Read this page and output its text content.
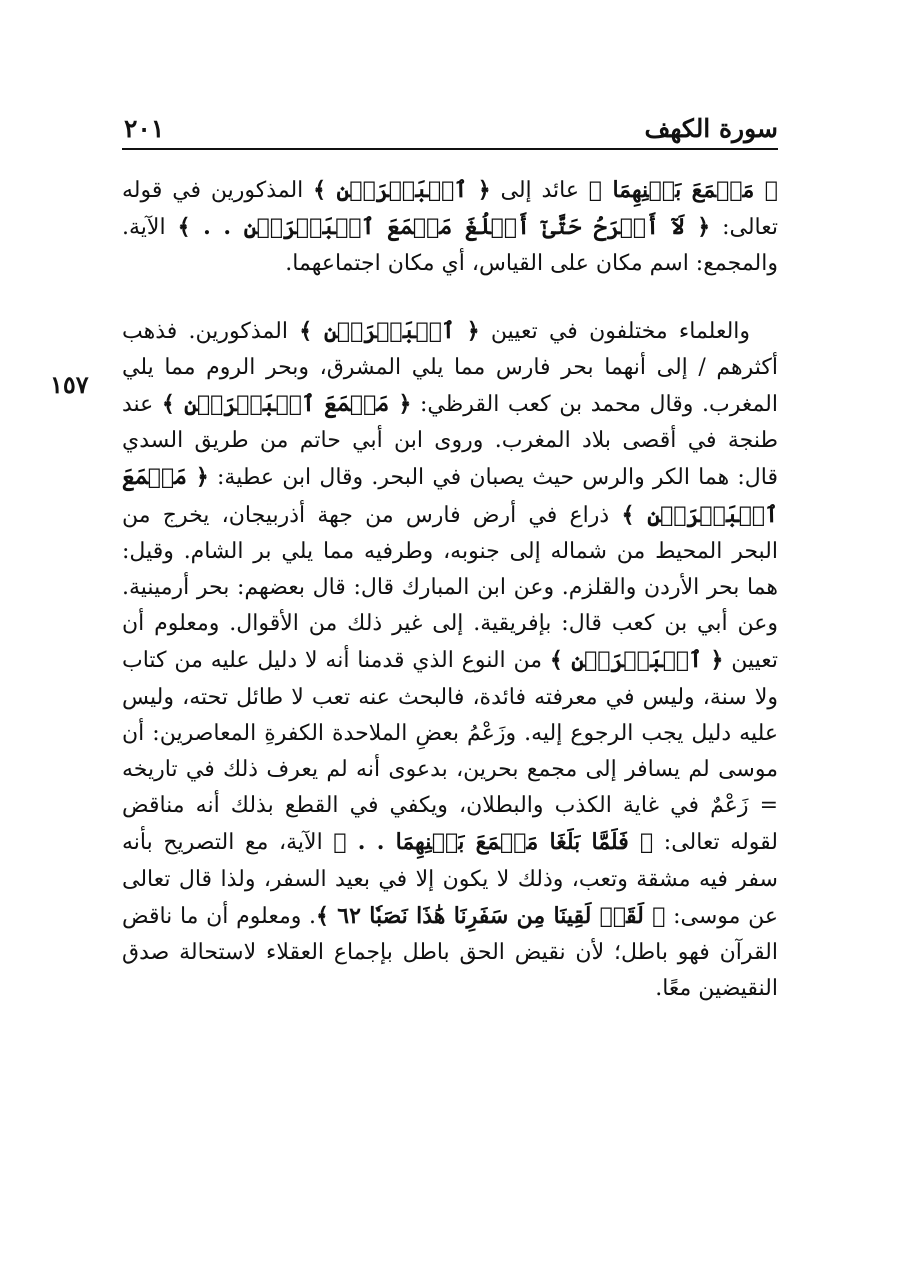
٢٠١	سورة الكهف
١٥٧

﴿ مَجۡمَعَ بَيۡنِهِمَا ﴾ عائد إلى ﴿ ٱلۡبَحۡرَيۡنِ ﴾ المذكورين في قوله تعالى: ﴿ لَآ أَبۡرَحُ حَتَّىٰٓ أَبۡلُغَ مَجۡمَعَ ٱلۡبَحۡرَيۡنِ . . ﴾ الآية. والمجمع: اسم مكان على القياس، أي مكان اجتماعهما.

والعلماء مختلفون في تعيين ﴿ ٱلۡبَحۡرَيۡنِ ﴾ المذكورين. فذهب أكثرهم / إلى أنهما بحر فارس مما يلي المشرق، وبحر الروم مما يلي المغرب. وقال محمد بن كعب القرظي: ﴿ مَجۡمَعَ ٱلۡبَحۡرَيۡنِ ﴾ عند طنجة في أقصى بلاد المغرب. وروى ابن أبي حاتم من طريق السدي قال: هما الكر والرس حيث يصبان في البحر. وقال ابن عطية: ﴿ مَجۡمَعَ ٱلۡبَحۡرَيۡنِ ﴾ ذراع في أرض فارس من جهة أذربيجان، يخرج من البحر المحيط من شماله إلى جنوبه، وطرفيه مما يلي بر الشام. وقيل: هما بحر الأردن والقلزم. وعن ابن المبارك قال: قال بعضهم: بحر أرمينية. وعن أبي بن كعب قال: بإفريقية. إلى غير ذلك من الأقوال. ومعلوم أن تعيين ﴿ ٱلۡبَحۡرَيۡنِ ﴾ من النوع الذي قدمنا أنه لا دليل عليه من كتاب ولا سنة، وليس في معرفته فائدة، فالبحث عنه تعب لا طائل تحته، وليس عليه دليل يجب الرجوع إليه. وزَعْمُ بعضِ الملاحدة الكفرةِ المعاصرين: أن موسى لم يسافر إلى مجمع بحرين، بدعوى أنه لم يعرف ذلك في تاريخه = زَعْمٌ في غاية الكذب والبطلان، ويكفي في القطع بذلك أنه مناقض لقوله تعالى: ﴿ فَلَمَّا بَلَغَا مَجۡمَعَ بَيۡنِهِمَا . . ﴾ الآية، مع التصريح بأنه سفر فيه مشقة وتعب، وذلك لا يكون إلا في بعيد السفر، ولذا قال تعالى عن موسى: ﴿ لَقَدۡ لَقِينَا مِن سَفَرِنَا هَٰذَا نَصَبٗا ٦٢ ﴾. ومعلوم أن ما ناقض القرآن فهو باطل؛ لأن نقيض الحق باطل بإجماع العقلاء لاستحالة صدق النقيضين معًا.
